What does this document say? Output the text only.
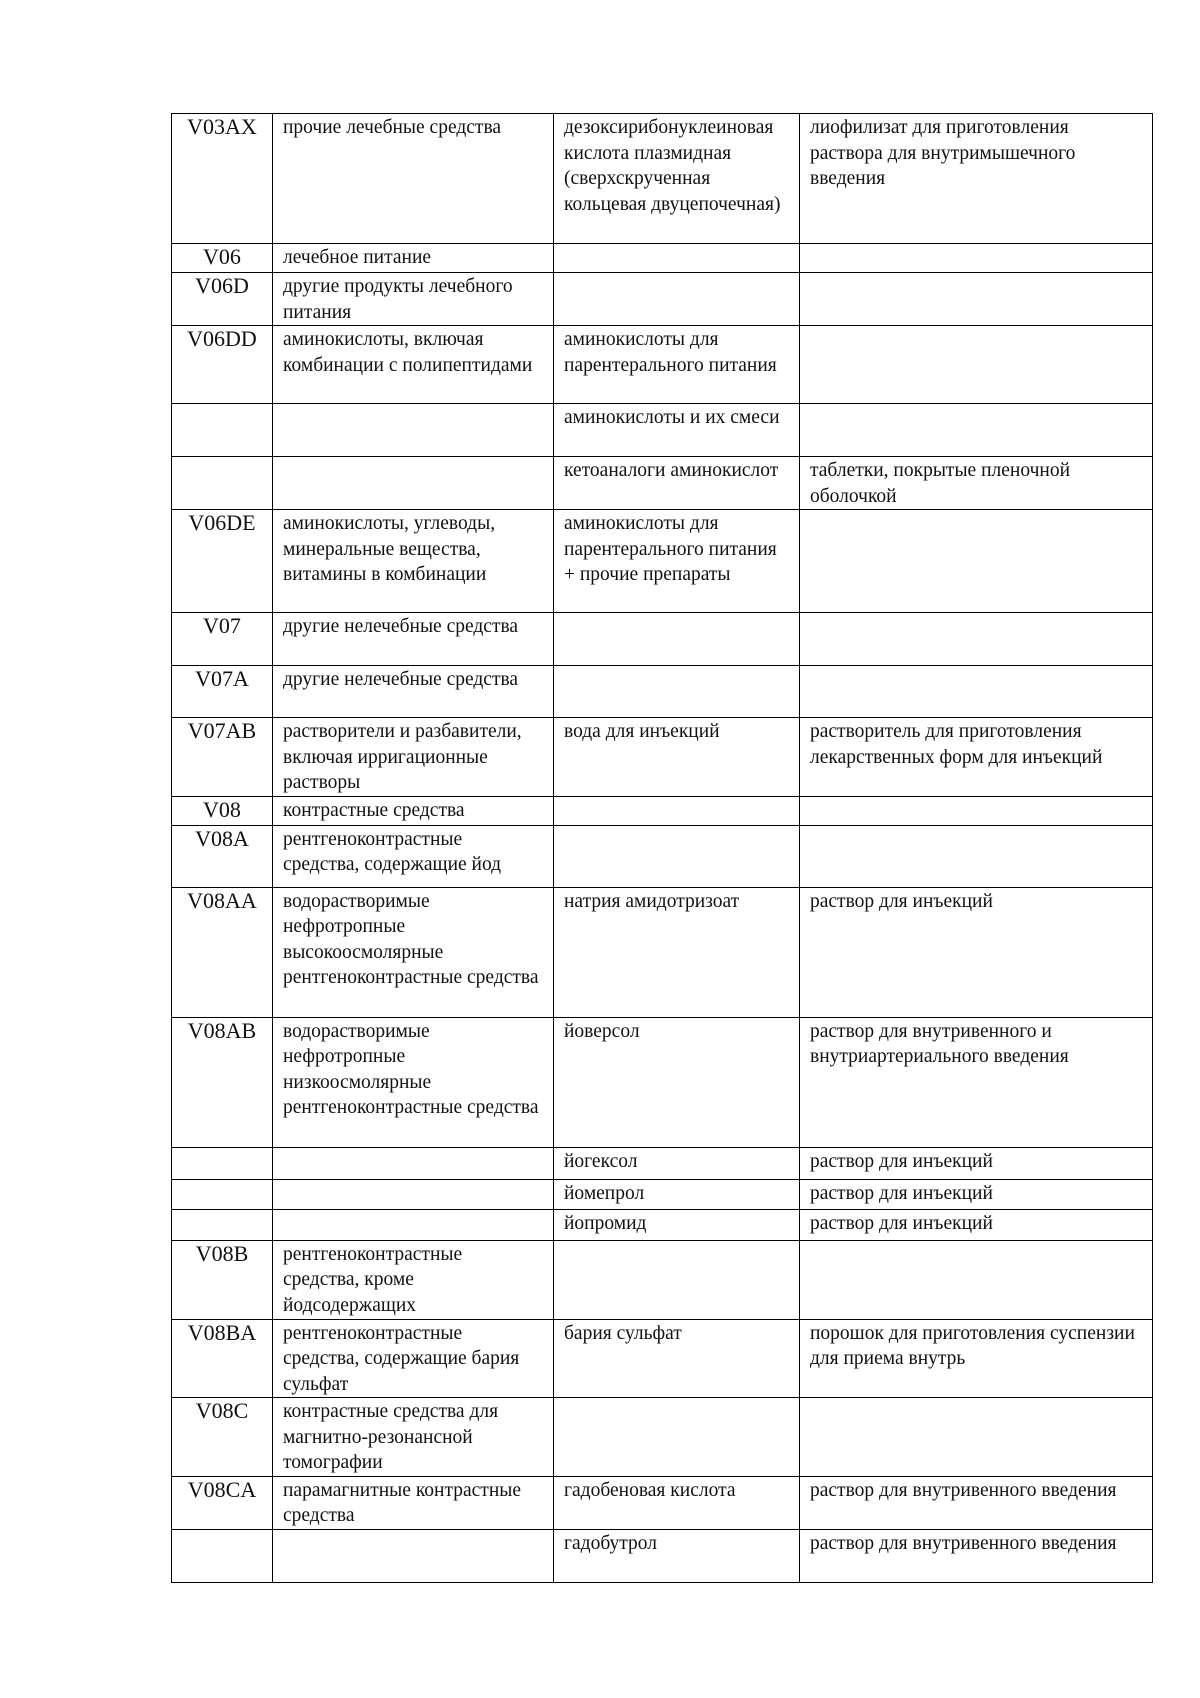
V03AX	прочие лечебные средства	дезоксирибонуклеиновая кислота плазмидная (сверхскрученная кольцевая двуцепочечная)	лиофилизат для приготовления раствора для внутримышечного введения
V06	лечебное питание		
V06D	другие продукты лечебного питания		
V06DD	аминокислоты, включая комбинации с полипептидами	аминокислоты для парентерального питания	
		аминокислоты и их смеси	
		кетоаналоги аминокислот	таблетки, покрытые пленочной оболочкой
V06DE	аминокислоты, углеводы, минеральные вещества, витамины в комбинации	аминокислоты для парентерального питания + прочие препараты	
V07	другие нелечебные средства		
V07A	другие нелечебные средства		
V07AB	растворители и разбавители, включая ирригационные растворы	вода для инъекций	растворитель для приготовления лекарственных форм для инъекций
V08	контрастные средства		
V08A	рентгеноконтрастные средства, содержащие йод		
V08AA	водорастворимые нефротропные высокоосмолярные рентгеноконтрастные средства	натрия амидотризоат	раствор для инъекций
V08AB	водорастворимые нефротропные низкоосмолярные рентгеноконтрастные средства	йоверсол	раствор для внутривенного и внутриартериального введения
		йогексол	раствор для инъекций
		йомепрол	раствор для инъекций
		йопромид	раствор для инъекций
V08B	рентгеноконтрастные средства, кроме йодсодержащих		
V08BA	рентгеноконтрастные средства, содержащие бария сульфат	бария сульфат	порошок для приготовления суспензии для приема внутрь
V08C	контрастные средства для магнитно-резонансной томографии		
V08CA	парамагнитные контрастные средства	гадобеновая кислота	раствор для внутривенного введения
		гадобутрол	раствор для внутривенного введения
